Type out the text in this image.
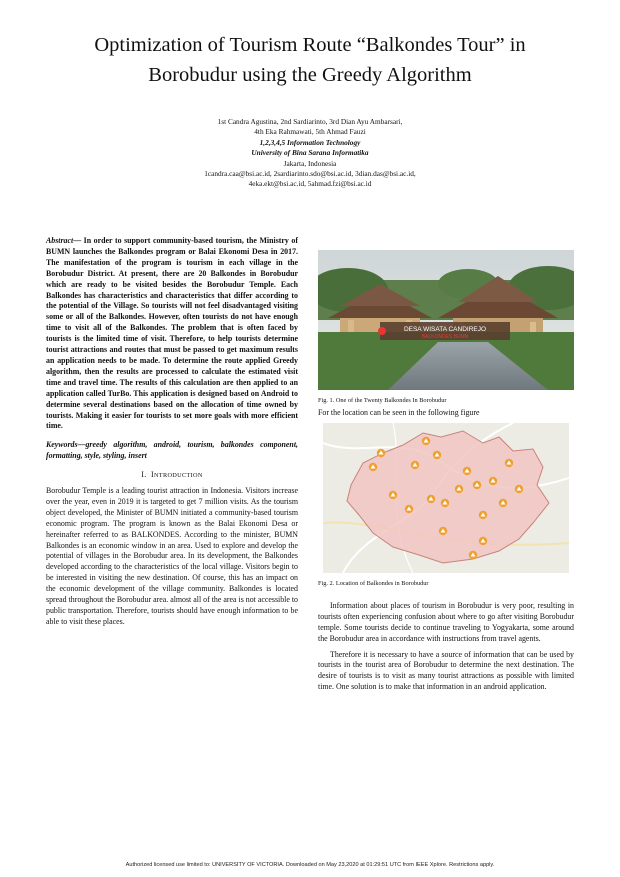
Optimization of Tourism Route “Balkondes Tour” in
Borobudur using the Greedy Algorithm
1st Candra Agustina, 2nd Sardiarinto, 3rd Dian Ayu Ambarsari,
4th Eka Rahmawati, 5th Ahmad Fauzi
1,2,3,4,5 Information Technology
University of Bina Sarana Informatika
Jakarta, Indonesia
1candra.caa@bsi.ac.id, 2sardiarinto.sdo@bsi.ac.id, 3dian.das@bsi.ac.id,
4eka.ekt@bsi.ac.id, 5ahmad.fzi@bsi.ac.id

Abstract— In order to support community-based tourism, the Ministry of BUMN launches the Balkondes program or Balai Ekonomi Desa in 2017. The manifestation of the program is tourism in each village in the Borobudur District. At present, there are 20 Balkondes in Borobudur which are ready to be visited besides the Borobudur Temple. Each Balkondes has characteristics and characteristics that differ according to the potential of the Village. So tourists will not feel disadvantaged visiting some or all of the Balkondes. However, often tourists do not have enough time to visit all of the Balkondes. The problem that is often faced by tourists is the limited time of visit. Therefore, to help tourists determine tourist attractions and routes that must be passed to get maximum results an application needs to be made. To determine the route applied Greedy algorithm, then the results are processed to calculate the estimated visit time and travel time. The results of this calculation are then applied to an application called TurBo. This application is designed based on Android to determine several destinations based on the allocation of time owned by tourists. Making it easier for tourists to set more goals with more efficient time.

Keywords—greedy algorithm, android, tourism, balkondes component, formatting, style, styling, insert

I. INTRODUCTION

Borobudur Temple is a leading tourist attraction in Indonesia. Visitors increase over the year, even in 2019 it is targeted to get 7 million visits. As the tourism object developed, the Minister of BUMN initiated a community-based tourism economic program. The program is known as the Balai Ekonomi Desa or hereinafter referred to as BALKONDES. According to the minister, BUMN Balkondes is an economic window in an area. Used to explore and develop the potential of villages in the Borobudur area. In its development, the Balkondes developed according to the characteristics of the local village. Visitors begin to be interested in visiting the new destination. Of course, this has an impact on the economic development of the village community. Balkondes is located spread throughout the Borobudur area. almost all of the area is not accessible to public transportation. Therefore, tourists should have enough information to be able to visit these places.

DESA WISATA CANDIREJO
BALKONDES BUMN
Fig. 1. One of the Twenty Balkondes In Borobudur
For the location can be seen in the following figure
Fig. 2. Location of Balkondes in Borobudur

Information about places of tourism in Borobudur is very poor, resulting in tourists often experiencing confusion about where to go after visiting Borobudur temple. Some tourists decide to continue traveling to Yogyakarta, some around the Borobudur area in accordance with instructions from travel agents.

Therefore it is necessary to have a source of information that can be used by tourists in the tourist area of Borobudur to determine the next destination. The desire of tourists is to visit as many tourist attractions as possible with limited time. One solution is to make that information in an android application.

Authorized licensed use limited to: UNIVERSITY OF VICTORIA. Downloaded on May 23,2020 at 01:29:51 UTC from IEEE Xplore. Restrictions apply.
